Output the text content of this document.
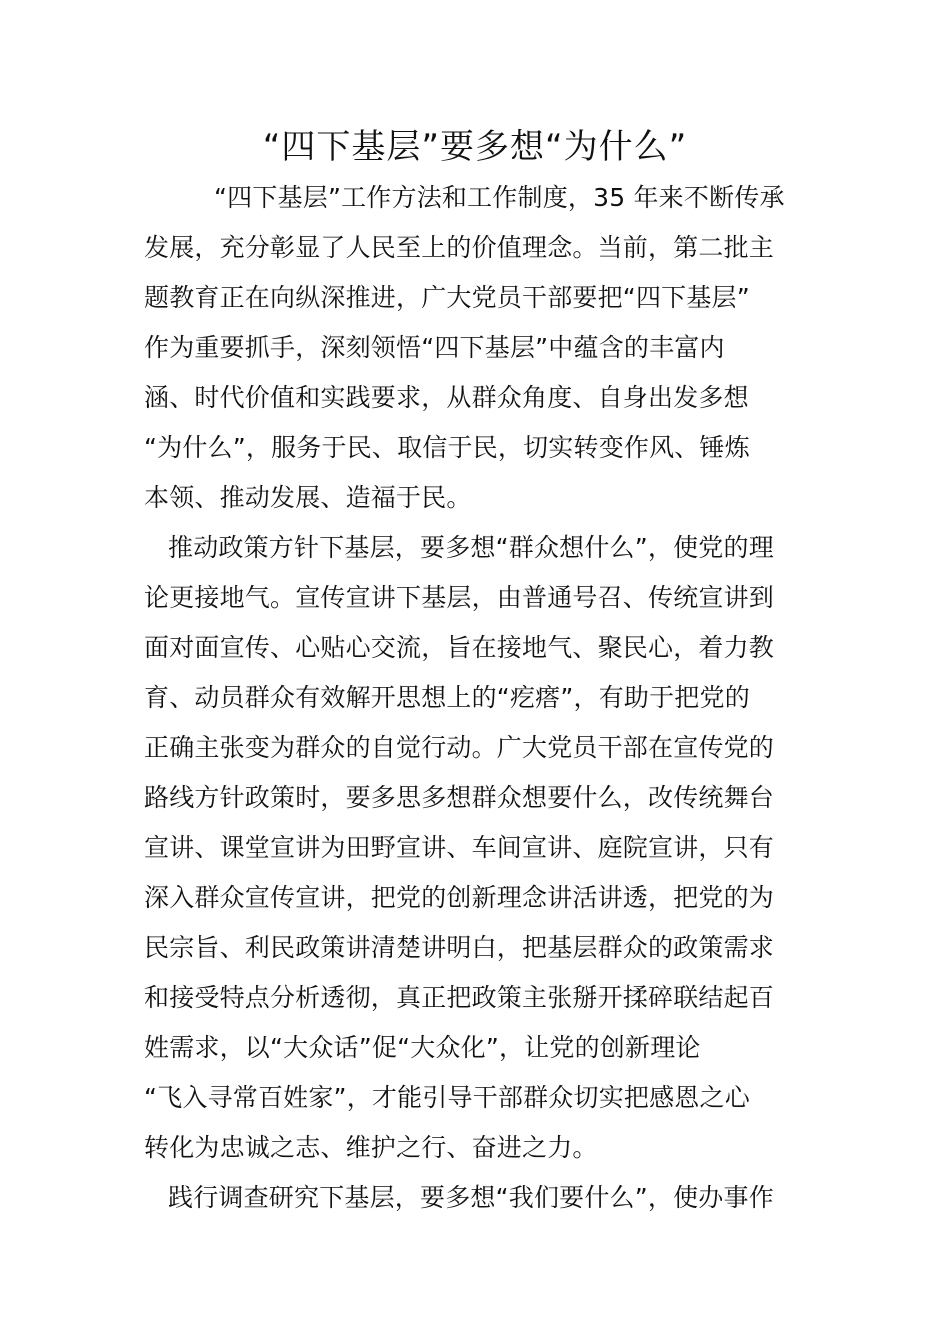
“四下基层”要多想“为什么”
“四下基层”工作方法和工作制度，35 年来不断传承
发展，充分彰显了人民至上的价值理念。当前，第二批主
题教育正在向纵深推进，广大党员干部要把“四下基层”
作为重要抓手，深刻领悟“四下基层”中蕴含的丰富内
涵、时代价值和实践要求，从群众角度、自身出发多想
“为什么”，服务于民、取信于民，切实转变作风、锤炼
本领、推动发展、造福于民。
推动政策方针下基层，要多想“群众想什么”，使党的理
论更接地气。宣传宣讲下基层，由普通号召、传统宣讲到
面对面宣传、心贴心交流，旨在接地气、聚民心，着力教
育、动员群众有效解开思想上的“疙瘩”，有助于把党的
正确主张变为群众的自觉行动。广大党员干部在宣传党的
路线方针政策时，要多思多想群众想要什么，改传统舞台
宣讲、课堂宣讲为田野宣讲、车间宣讲、庭院宣讲，只有
深入群众宣传宣讲，把党的创新理念讲活讲透，把党的为
民宗旨、利民政策讲清楚讲明白，把基层群众的政策需求
和接受特点分析透彻，真正把政策主张掰开揉碎联结起百
姓需求，以“大众话”促“大众化”，让党的创新理论
“飞入寻常百姓家”，才能引导干部群众切实把感恩之心
转化为忠诚之志、维护之行、奋进之力。
践行调查研究下基层，要多想“我们要什么”，使办事作
